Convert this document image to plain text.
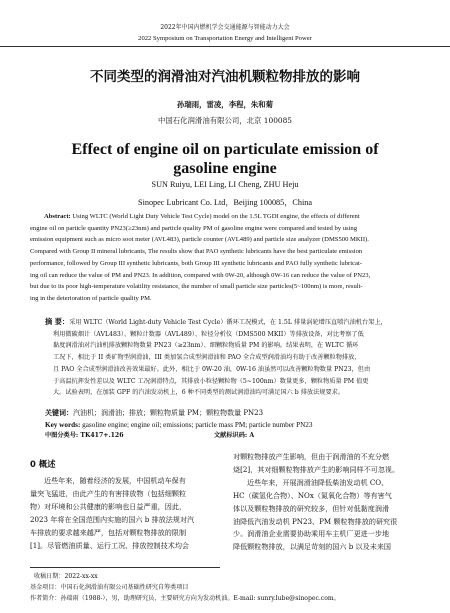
2022年中国内燃机学会交通能源与智能动力大会
2022 Symposium on Transportation Energy and Intelligent Power
不同类型的润滑油对汽油机颗粒物排放的影响
孙瑞雨，雷凌，李程，朱和菊
中国石化润滑油有限公司，北京 100085
Effect of engine oil on particulate emission of gasoline engine
SUN Ruiyu, LEI Ling, LI Cheng, ZHU Heju
Sinopec Lubricant Co. Ltd，Beijing 100085，China
Abstract: Using WLTC (World Light Duty Vehicle Test Cycle) model on the 1.5L TGDI engine, the effects of different
engine oil on particle quantity PN23(≥23nm) and particle quality PM of gasoline engine were compared and tested by using
emission equipment such as micro soot meter (AVL483), particle counter (AVL489) and particle size analyzer (DMS500 MKII).
Compared with Group II mineral lubricants, The results show that PAO synthetic lubricants have the best particulate emission
performance, followed by Group III synthetic lubricants, both Group III synthetic lubricants and PAO fully synthetic lubricat-
ing oil can reduce the value of PM and PN23. In addition, compared with 0W-20, although 0W-16 can reduce the value of PN23,
but due to its poor high-temperature volatility resistance, the number of small particle size particles(5~100nm) is more, result-
ing in the deterioration of particle quality PM.
摘 要：采用 WLTC（World Light-duty Vehicle Test Cycle）循环工况模式，在 1.5L 排量涡轮增压直喷汽油机台架上，
利用微碳烟计（AVL483）、颗粒计数器（AVL489）、粒径分析仪（DMS500 MKII）等排放设备，对比考察了低
黏度润滑油对汽油机排放颗粒物数量 PN23（≥23nm）、细颗粒物质量 PM 的影响。结果表明，在 WLTC 循环
工况下，相比于 II 类矿物型润滑油，III 类加氢合成型润滑油和 PAO 全合成型润滑油均有助于改善颗粒物排放，
且 PAO 全合成型润滑油改善效果最好。此外，相比于 0W-20 油，0W-16 油虽然可以改善颗粒物数量 PN23，但由
于高温抗挥发性差以及 WLTC 工况润滑特点，其排放小粒径颗粒物（5~100nm）数量更多，颗粒物质量 PM 值更
大。试验表明，在加装 GPF 的汽油发动机上，6 种不同类型的测试润滑油均可满足国六 b 排放法规要求。
关键词：汽油机；润滑油；排放；颗粒物质量 PM；颗粒物数量 PN23
Key words: gasoline engine; engine oil; emissions; particle mass PM; particle number PN23
中图分类号: TK417+.126	文献标识码: A
0 概述
近些年来，随着经济的发展，中国机动车保有
量突飞猛进，由此产生的有害排放物（包括细颗粒
物）对环境和公共健康的影响也日益严重，因此，
2023 年将在全国范围内实施的国六 b 排放法规对汽
车排放的要求越来越严，包括对颗粒物排放的限制
[1]。尽管燃油质量、运行工况、排放控制技术均会
对颗粒物排放产生影响，但由于润滑油的不充分燃
烧[2]，其对细颗粒物排放产生的影响同样不可忽视。
近些年来，开展润滑油降低柴油发动机 CO、
HC（碳氢化合物）、NOx（氮氧化合物）等有害气
体以及颗粒物排放的研究较多，但针对低黏度润滑
油降低汽油发动机 PN23、PM 颗粒物排放的研究很
少。润滑油企业需要协助乘用车主机厂更进一步地
降低颗粒物排放，以满足苛刻的国六 b 以及未来国
收稿日期：2022-xx-xx
基金项目：中国石化润滑油有限公司基础性研究自筹类项目
作者简介：孙瑞雨（1988-），男，助理研究员，主要研究方向为发动机油。E-mail: sunry.lube@sinopec.com。
